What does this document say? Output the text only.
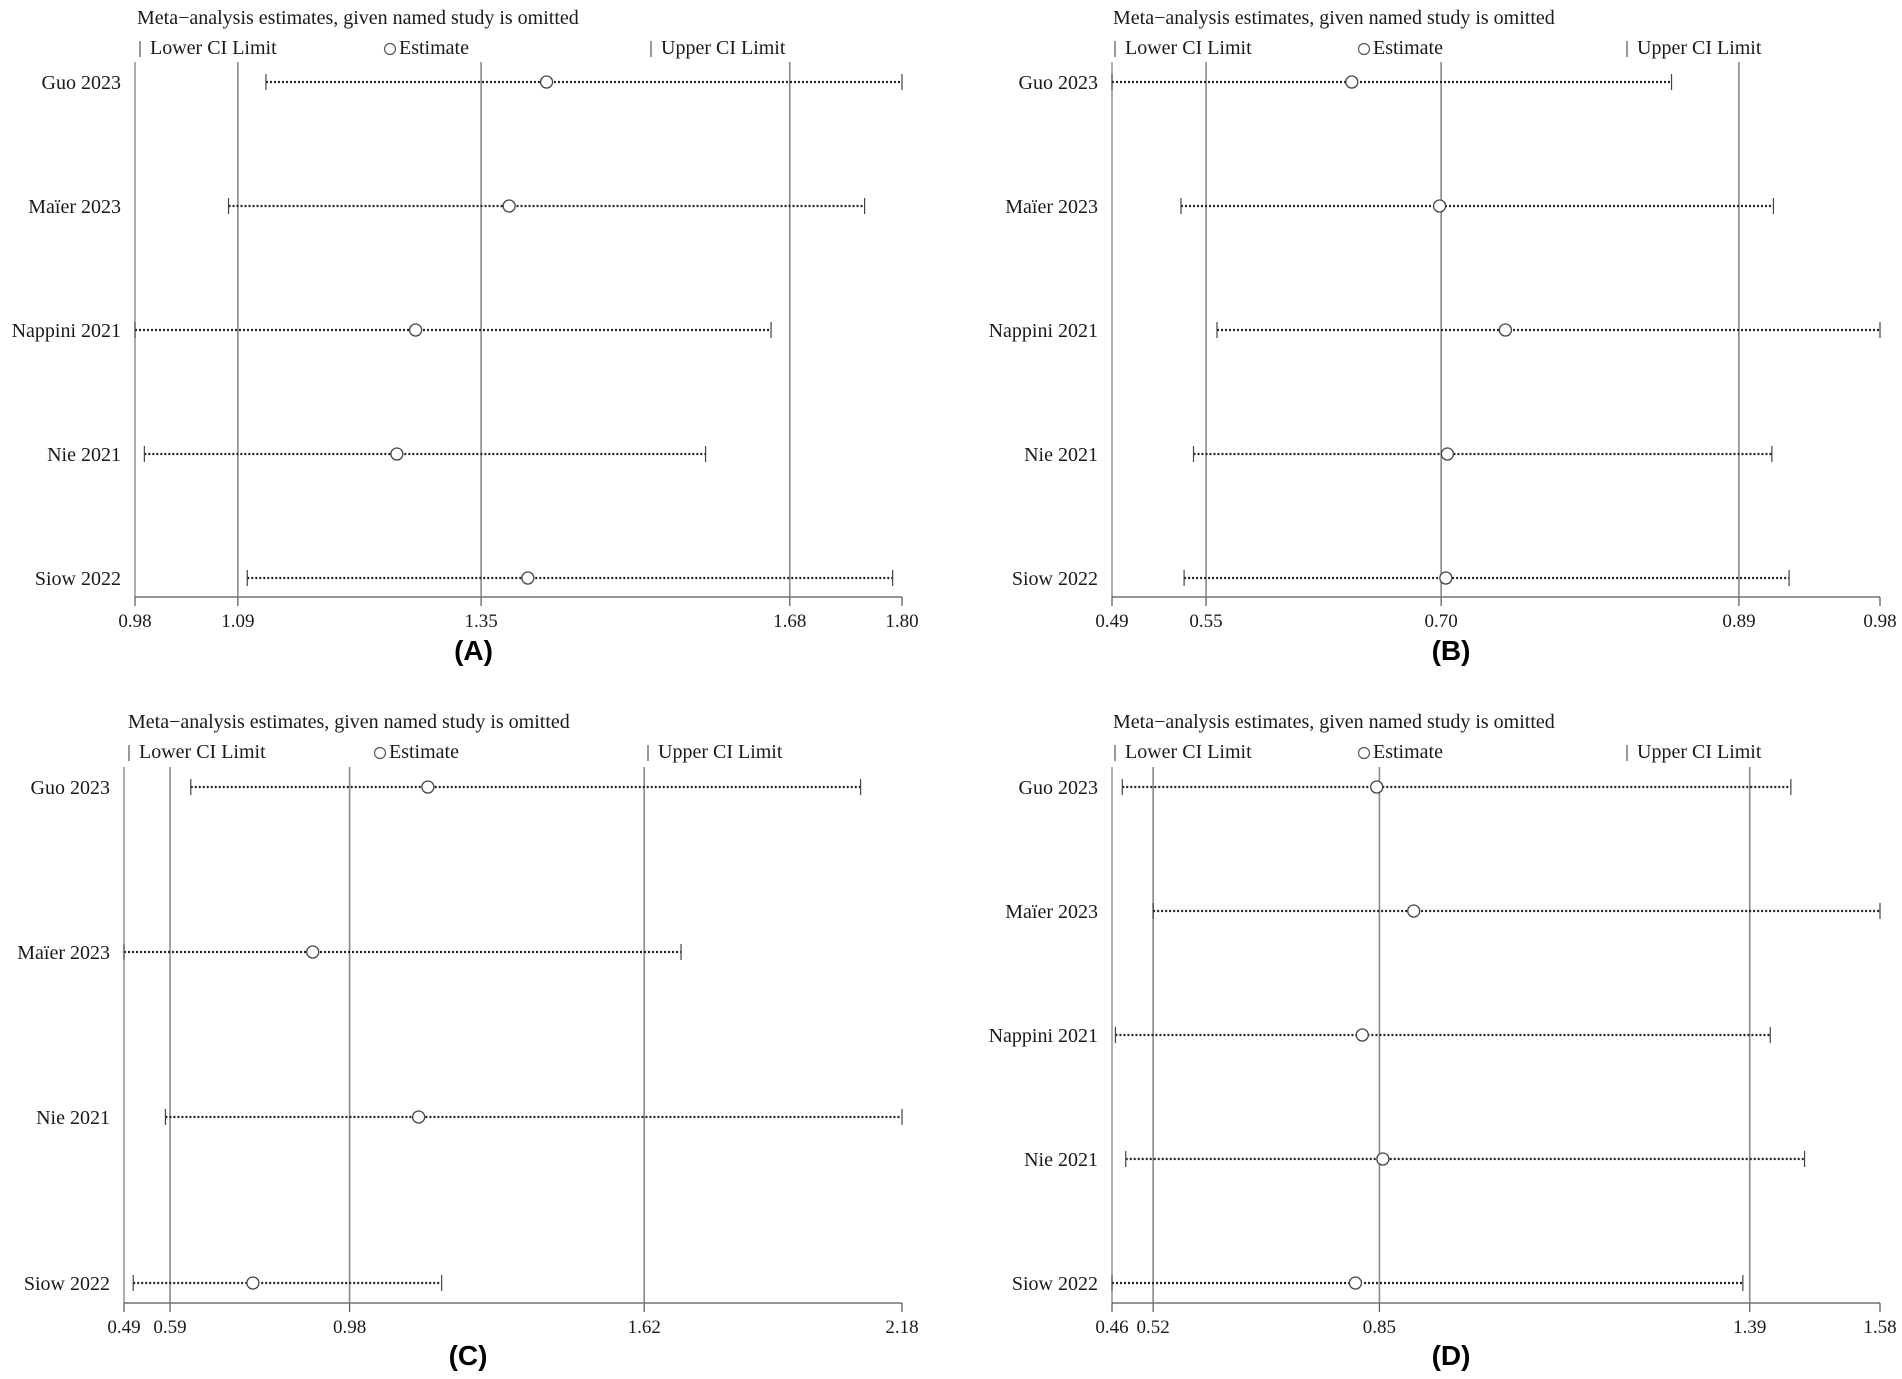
Meta−analysis estimates, given named study is omitted
Lower CI Limit	Estimate	Upper CI Limit
0.98	1.09	1.35	1.68	1.80
Guo 2023
Maïer 2023
Nappini 2021
Nie 2021
Siow 2022
(A)
Meta−analysis estimates, given named study is omitted
Lower CI Limit	Estimate	Upper CI Limit
0.49	0.55	0.70	0.89	0.98
Guo 2023
Maïer 2023
Nappini 2021
Nie 2021
Siow 2022
(B)
Meta−analysis estimates, given named study is omitted
Lower CI Limit	Estimate	Upper CI Limit
0.49 0.59	0.98	1.62	2.18
Guo 2023
Maïer 2023
Nie 2021
Siow 2022
(C)
Meta−analysis estimates, given named study is omitted
Lower CI Limit	Estimate	Upper CI Limit
0.46 0.52	0.85	1.39	1.58
Guo 2023
Maïer 2023
Nappini 2021
Nie 2021
Siow 2022
(D)
